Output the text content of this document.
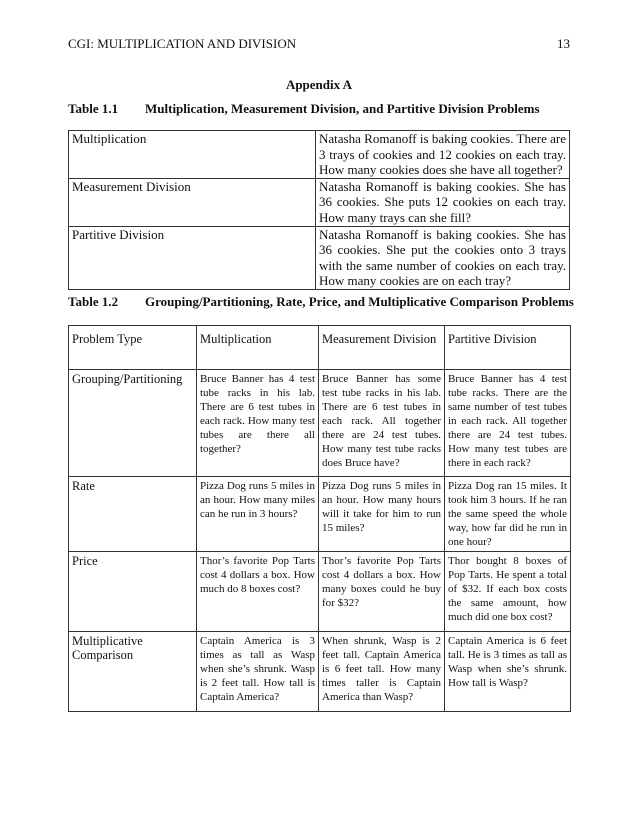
CGI: MULTIPLICATION AND DIVISION	13
Appendix A
Table 1.1 Multiplication, Measurement Division, and Partitive Division Problems
Multiplication	Natasha Romanoff is baking cookies. There are 3 trays of cookies and 12 cookies on each tray. How many cookies does she have all together?
Measurement Division	Natasha Romanoff is baking cookies. She has 36 cookies. She puts 12 cookies on each tray. How many trays can she fill?
Partitive Division	Natasha Romanoff is baking cookies. She has 36 cookies. She put the cookies onto 3 trays with the same number of cookies on each tray. How many cookies are on each tray?
Table 1.2 Grouping/Partitioning, Rate, Price, and Multiplicative Comparison Problems
Problem Type	Multiplication	Measurement Division	Partitive Division
Grouping/Partitioning	Bruce Banner has 4 test tube racks in his lab. There are 6 test tubes in each rack. How many test tubes are there all together?	Bruce Banner has some test tube racks in his lab. There are 6 test tubes in each rack. All together there are 24 test tubes. How many test tube racks does Bruce have?	Bruce Banner has 4 test tube racks. There are the same number of test tubes in each rack. All together there are 24 test tubes. How many test tubes are there in each rack?
Rate	Pizza Dog runs 5 miles in an hour. How many miles can he run in 3 hours?	Pizza Dog runs 5 miles in an hour. How many hours will it take for him to run 15 miles?	Pizza Dog ran 15 miles. It took him 3 hours. If he ran the same speed the whole way, how far did he run in one hour?
Price	Thor’s favorite Pop Tarts cost 4 dollars a box. How much do 8 boxes cost?	Thor’s favorite Pop Tarts cost 4 dollars a box. How many boxes could he buy for $32?	Thor bought 8 boxes of Pop Tarts. He spent a total of $32. If each box costs the same amount, how much did one box cost?
Multiplicative Comparison	Captain America is 3 times as tall as Wasp when she’s shrunk. Wasp is 2 feet tall. How tall is Captain America?	When shrunk, Wasp is 2 feet tall. Captain America is 6 feet tall. How many times taller is Captain America than Wasp?	Captain America is 6 feet tall. He is 3 times as tall as Wasp when she’s shrunk. How tall is Wasp?
